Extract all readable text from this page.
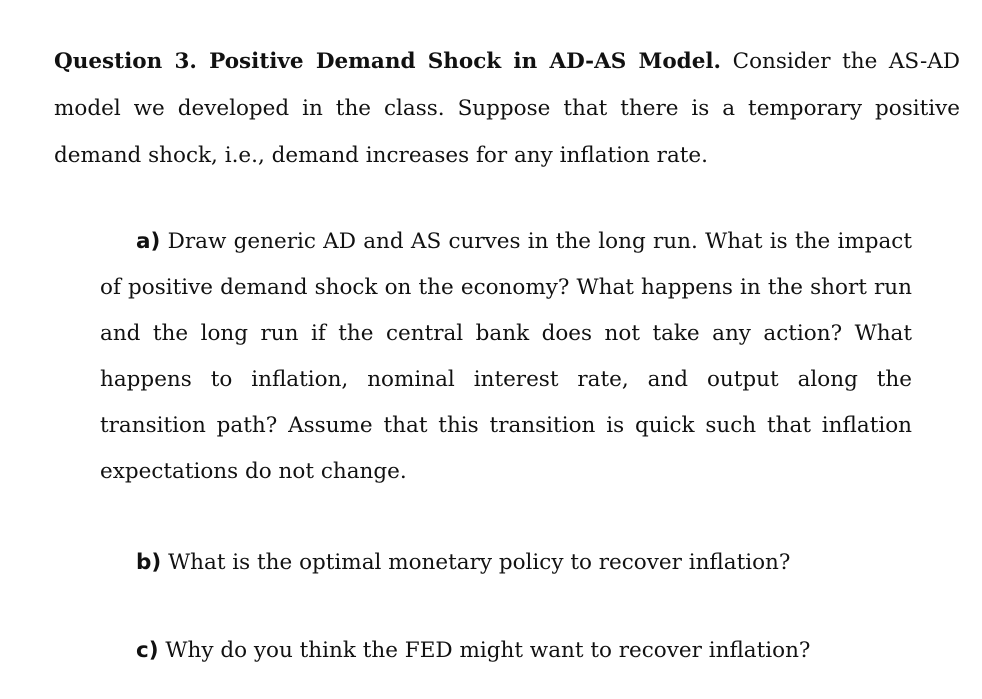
Question 3. Positive Demand Shock in AD-AS Model. Consider the AS-AD model we developed in the class. Suppose that there is a temporary positive demand shock, i.e., demand increases for any inflation rate.

a) Draw generic AD and AS curves in the long run. What is the impact of positive demand shock on the economy? What happens in the short run and the long run if the central bank does not take any action? What happens to inflation, nominal interest rate, and output along the transition path? Assume that this transition is quick such that inflation expectations do not change.

b) What is the optimal monetary policy to recover inflation?

c) Why do you think the FED might want to recover inflation?
